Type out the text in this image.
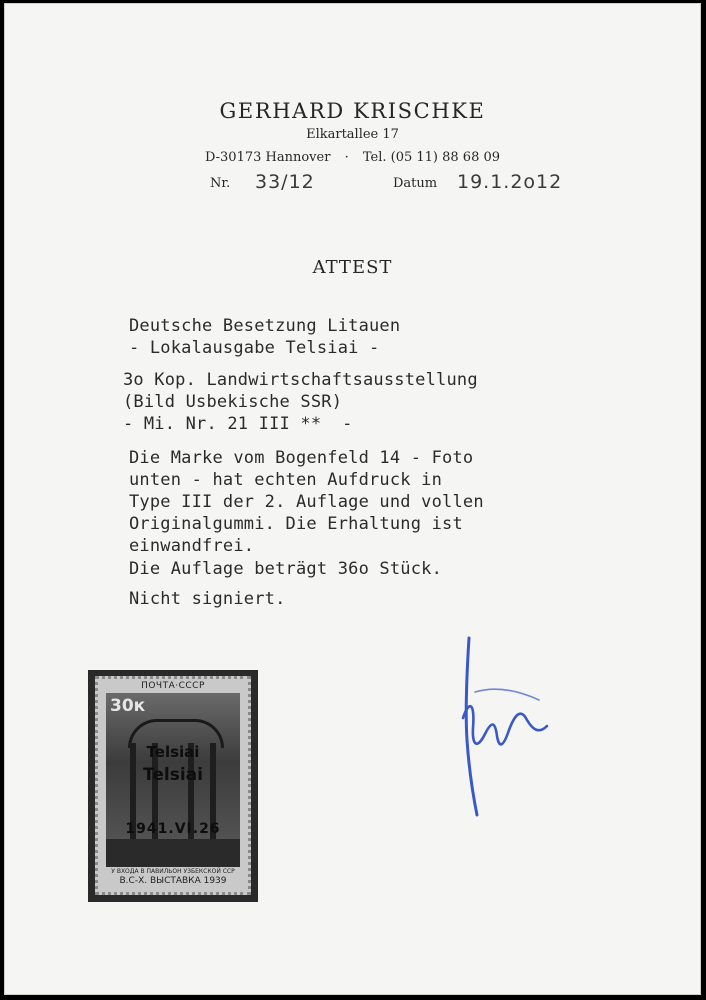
GERHARD KRISCHKE
Elkartallee 17
D-30173 Hannover · Tel. (05 11) 88 68 09
Nr. 33/12	Datum 19.1.2o12
ATTEST
Deutsche Besetzung Litauen
- Lokalausgabe Telsiai -
3o Kop. Landwirtschaftsausstellung
(Bild Usbekische SSR)
- Mi. Nr. 21 III **  -
Die Marke vom Bogenfeld 14 - Foto
unten - hat echten Aufdruck in
Type III der 2. Auflage und vollen
Originalgummi. Die Erhaltung ist
einwandfrei.
Die Auflage beträgt 36o Stück.
Nicht signiert.
ПОЧТА·СССР
30к
Telsiai
Telsiai
1941.VI.26
У ВХОДА В ПАВИЛЬОН УЗБЕКСКОЙ ССР
В.С-Х. ВЫСТАВКА 1939
